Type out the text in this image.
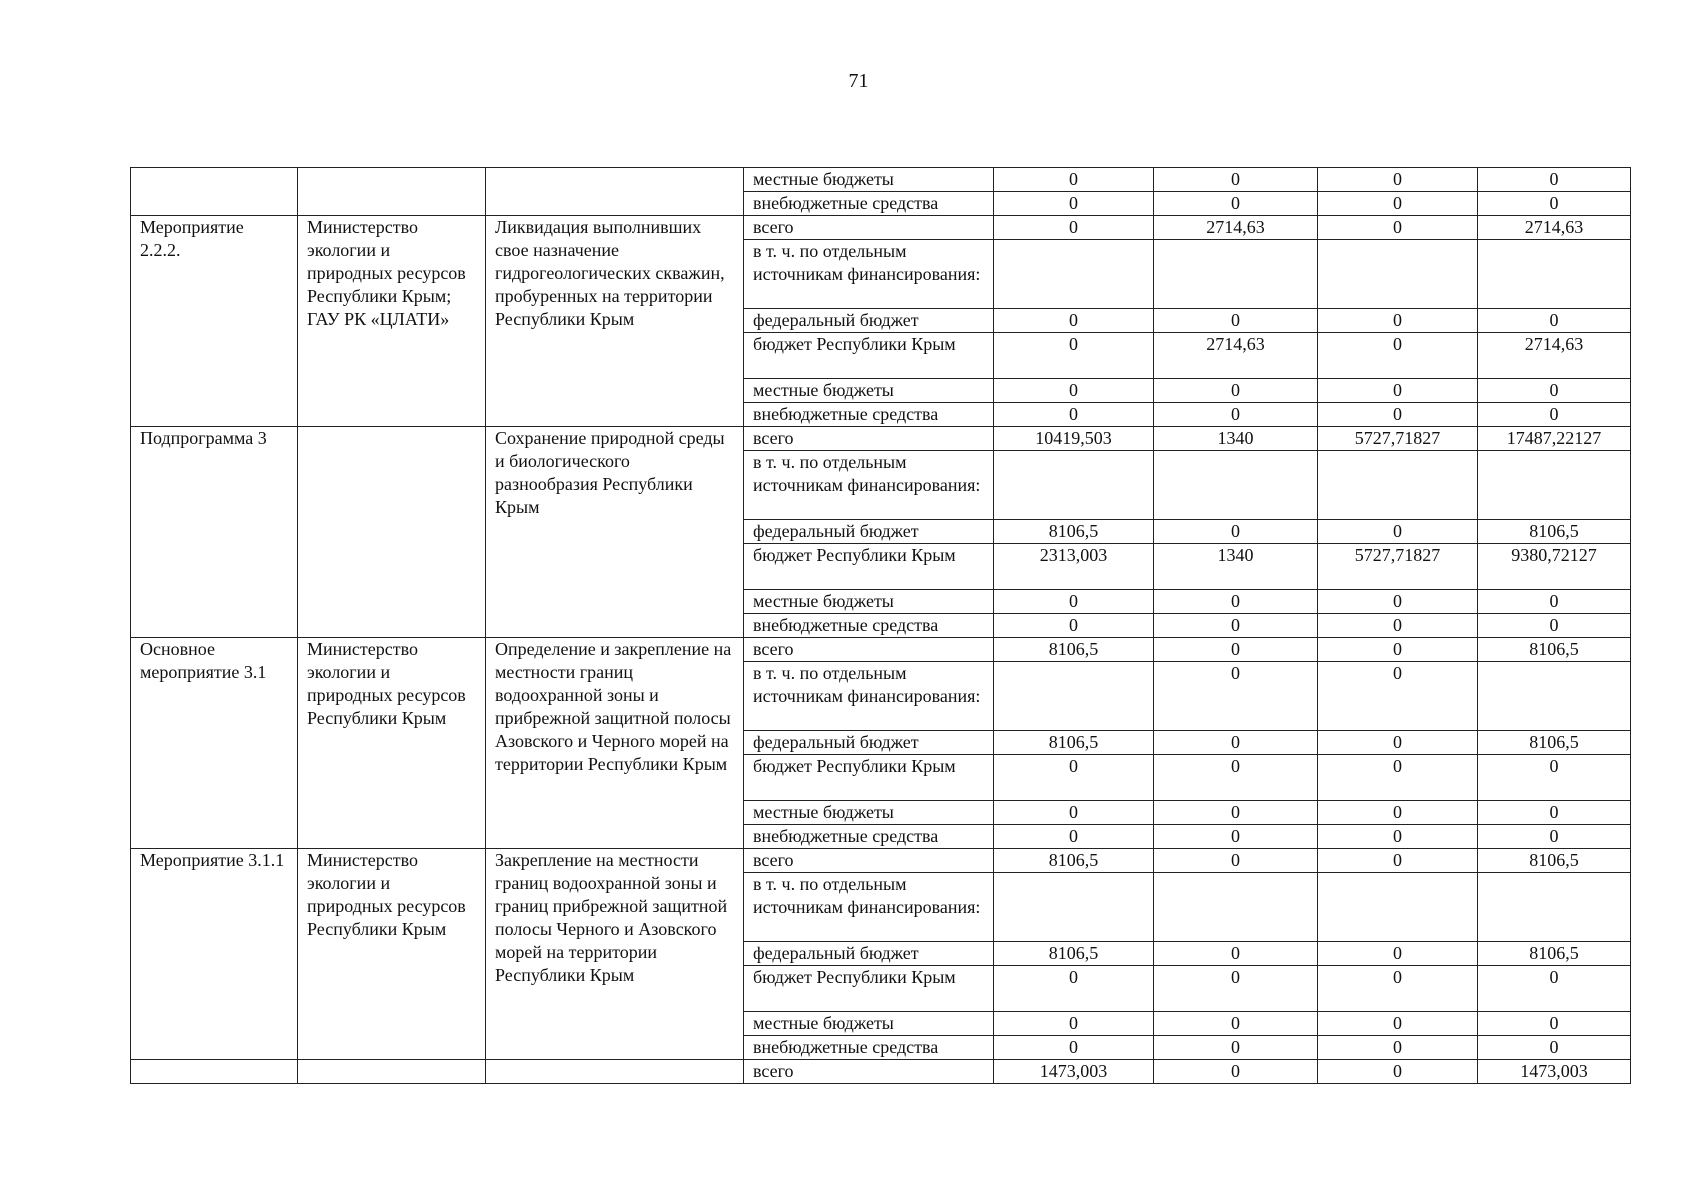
71
			местные бюджеты	0	0	0	0
			внебюджетные средства	0	0	0	0
Мероприятие 2.2.2.	Министерство экологии и природных ресурсов Республики Крым; ГАУ РК «ЦЛАТИ»	Ликвидация выполнивших свое назначение гидрогеологических скважин, пробуренных на территории Республики Крым	всего	0	2714,63	0	2714,63
			в т. ч. по отдельным источникам финансирования:				
			федеральный бюджет	0	0	0	0
			бюджет Республики Крым	0	2714,63	0	2714,63
			местные бюджеты	0	0	0	0
			внебюджетные средства	0	0	0	0
Подпрограмма 3		Сохранение природной среды и биологического разнообразия Республики Крым	всего	10419,503	1340	5727,71827	17487,22127
			в т. ч. по отдельным источникам финансирования:				
			федеральный бюджет	8106,5	0	0	8106,5
			бюджет Республики Крым	2313,003	1340	5727,71827	9380,72127
			местные бюджеты	0	0	0	0
			внебюджетные средства	0	0	0	0
Основное мероприятие 3.1	Министерство экологии и природных ресурсов Республики Крым	Определение и закрепление на местности границ водоохранной зоны и прибрежной защитной полосы Азовского и Черного морей на территории Республики Крым	всего	8106,5	0	0	8106,5
			в т. ч. по отдельным источникам финансирования:		0	0	
			федеральный бюджет	8106,5	0	0	8106,5
			бюджет Республики Крым	0	0	0	0
			местные бюджеты	0	0	0	0
			внебюджетные средства	0	0	0	0
Мероприятие 3.1.1	Министерство экологии и природных ресурсов Республики Крым	Закрепление на местности границ водоохранной зоны и границ прибрежной защитной полосы Черного и Азовского морей на территории Республики Крым	всего	8106,5	0	0	8106,5
			в т. ч. по отдельным источникам финансирования:				
			федеральный бюджет	8106,5	0	0	8106,5
			бюджет Республики Крым	0	0	0	0
			местные бюджеты	0	0	0	0
			внебюджетные средства	0	0	0	0
			всего	1473,003	0	0	1473,003
